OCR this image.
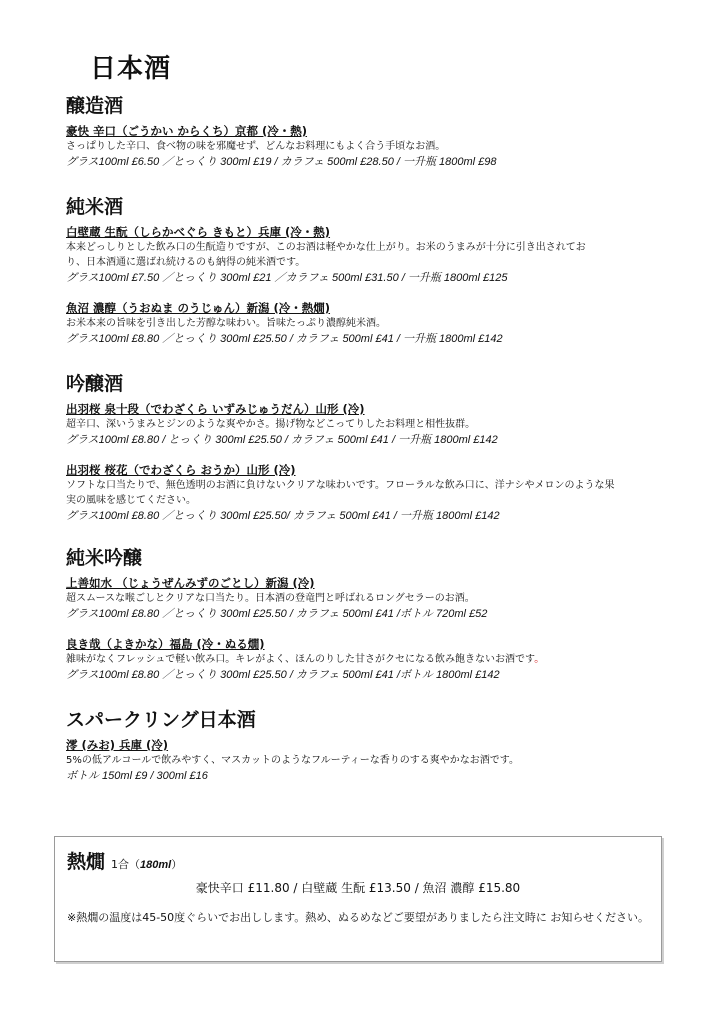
日本酒
醸造酒
豪快 辛口（ごうかい からくち）京都 (冷・熱)
さっぱりした辛口、食べ物の味を邪魔せず、どんなお料理にもよく合う手頃なお酒。
グラス100ml £6.50 ／とっくり 300ml £19 / カラフェ 500ml £28.50 / 一升瓶 1800ml £98
純米酒
白壁蔵 生酛（しらかべぐら きもと）兵庫 (冷・熱)
本来どっしりとした飲み口の生酛造りですが、このお酒は軽やかな仕上がり。お米のうまみが十分に引き出されてお
り、日本酒通に選ばれ続けるのも納得の純米酒です。
グラス100ml £7.50 ／とっくり 300ml £21 ／カラフェ 500ml £31.50 / 一升瓶 1800ml £125
魚沼 濃醇（うおぬま のうじゅん）新潟 (冷・熱燗)
お米本来の旨味を引き出した芳醇な味わい。旨味たっぷり濃醇純米酒。
グラス100ml £8.80 ／とっくり 300ml £25.50 / カラフェ 500ml £41 / 一升瓶 1800ml £142
吟醸酒
出羽桜 泉十段（でわざくら いずみじゅうだん）山形 (冷)
超辛口、深いうまみとジンのような爽やかさ。揚げ物などこってりしたお料理と相性抜群。
グラス100ml £8.80 / とっくり 300ml £25.50 / カラフェ 500ml £41 / 一升瓶 1800ml £142
出羽桜 桜花（でわざくら おうか）山形 (冷)
ソフトな口当たりで、無色透明のお酒に負けないクリアな味わいです。フローラルな飲み口に、洋ナシやメロンのような果
実の風味を感じてください。
グラス100ml £8.80 ／とっくり 300ml £25.50/ カラフェ 500ml £41 / 一升瓶 1800ml £142
純米吟醸
上善如水 （じょうぜんみずのごとし）新潟 (冷)
超スムースな喉ごしとクリアな口当たり。日本酒の登竜門と呼ばれるロングセラーのお酒。
グラス100ml £8.80 ／とっくり 300ml £25.50 / カラフェ 500ml £41 /ボトル 720ml £52
良き哉（よきかな）福島 (冷・ぬる燗)
雑味がなくフレッシュで軽い飲み口。キレがよく、ほんのりした甘さがクセになる飲み飽きないお酒です。
グラス100ml £8.80 ／とっくり 300ml £25.50 / カラフェ 500ml £41 /ボトル 1800ml £142
スパークリング日本酒
澪 (みお) 兵庫 (冷)
5%の低アルコールで飲みやすく、マスカットのようなフルーティーな香りのする爽やかなお酒です。
ボトル 150ml £9 / 300ml £16
熱燗 1合（180ml）
豪快辛口 £11.80 / 白壁蔵 生酛 £13.50 / 魚沼 濃醇 £15.80
※熱燗の温度は45-50度ぐらいでお出しします。熱め、ぬるめなどご要望がありましたら注文時に お知らせください。
